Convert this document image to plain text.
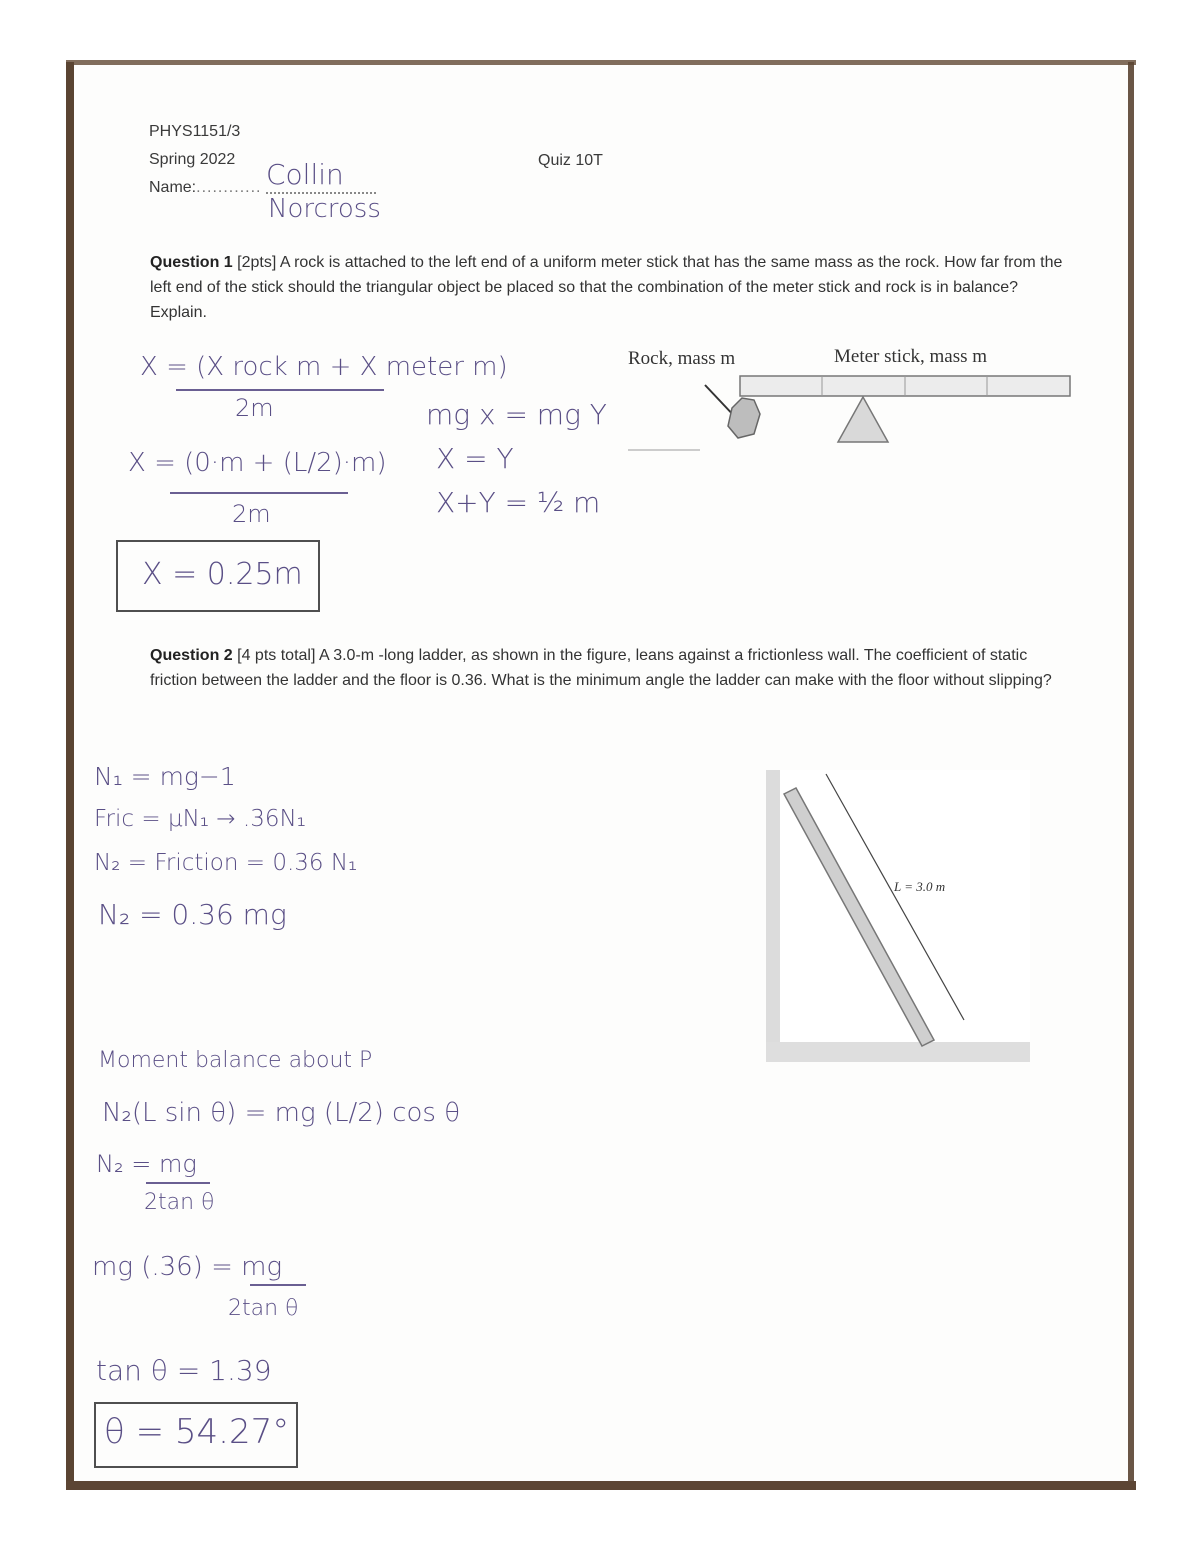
PHYS1151/3
Spring 2022
Name:............ Collin
Norcross
Quiz 10T
Question 1 [2pts] A rock is attached to the left end of a uniform meter stick that has the same mass as the rock. How far from the left end of the stick should the triangular object be placed so that the combination of the meter stick and rock is in balance? Explain.
Rock, mass m	Meter stick, mass m
X = (X rock m + X meter m)
2m
X = (0·m + (L/2)·m)
2m
X = 0.25m
mg x = mg Y
X = Y
X+Y = ½ m
Question 2 [4 pts total] A 3.0-m -long ladder, as shown in the figure, leans against a frictionless wall. The coefficient of static friction between the ladder and the floor is 0.36. What is the minimum angle the ladder can make with the floor without slipping?
L = 3.0 m
N₁ = mg−1
Fric = μN₁ → .36N₁
N₂ = Friction = 0.36 N₁
N₂ = 0.36 mg
Moment balance about P
N₂(L sin θ) = mg (L/2) cos θ
N₂ = mg
2tan θ
mg (.36) = mg
2tan θ
tan θ = 1.39
θ = 54.27°
